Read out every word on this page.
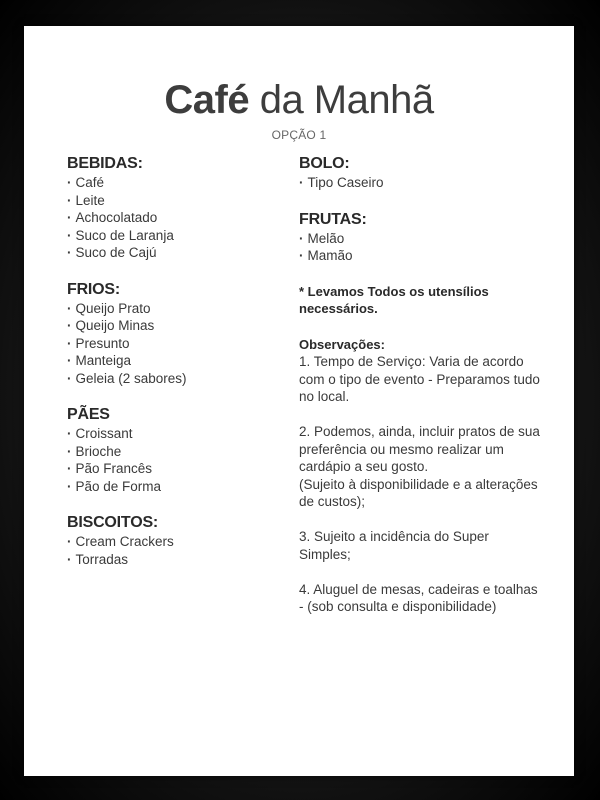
Café da Manhã
OPÇÃO 1
BEBIDAS:
· Café
· Leite
· Achocolatado
· Suco de Laranja
· Suco de Cajú
FRIOS:
· Queijo Prato
· Queijo Minas
· Presunto
· Manteiga
· Geleia (2 sabores)
PÃES
· Croissant
· Brioche
· Pão Francês
· Pão de Forma
BISCOITOS:
· Cream Crackers
· Torradas
BOLO:
· Tipo Caseiro
FRUTAS:
· Melão
· Mamão
* Levamos Todos os utensílios necessários.
Observações:

1. Tempo de Serviço: Varia de acordo com o tipo de evento - Preparamos tudo no local.

2. Podemos, ainda, incluir pratos de sua preferência ou mesmo realizar um cardápio a seu gosto.
(Sujeito à disponibilidade e a alterações de custos);

3. Sujeito a incidência do Super Simples;

4. Aluguel de mesas, cadeiras e toalhas - (sob consulta e disponibilidade)
